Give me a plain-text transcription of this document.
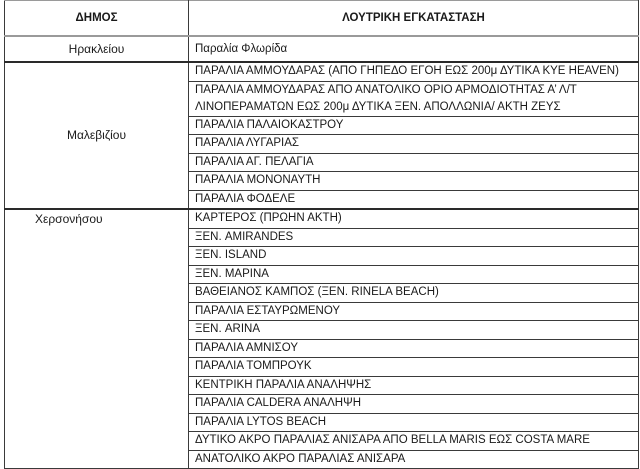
ΔΗΜΟΣ	ΛΟΥΤΡΙΚΗ ΕΓΚΑΤΑΣΤΑΣΗ
Ηρακλείου	Παραλία Φλωρίδα
Μαλεβιζίου	ΠΑΡΑΛΙΑ ΑΜΜΟΥΔΑΡΑΣ (ΑΠΟ ΓΗΠΕΔΟ ΕΓΟΗ ΕΩΣ 200μ ΔΥΤΙΚΑ ΚΥΕ HEAVEN)
	ΠΑΡΑΛΙΑ ΑΜΜΟΥΔΑΡΑΣ ΑΠΟ ΑΝΑΤΟΛΙΚΟ ΟΡΙΟ ΑΡΜΟΔΙΟΤΗΤΑΣ Α’ Λ/Τ ΛΙΝΟΠΕΡΑΜΑΤΩΝ ΕΩΣ 200μ ΔΥΤΙΚΑ ΞΕΝ. ΑΠΟΛΛΩΝΙΑ/ ΑΚΤΗ ΖΕΥΣ
	ΠΑΡΑΛΙΑ ΠΑΛΑΙΟΚΑΣΤΡΟΥ
	ΠΑΡΑΛΙΑ ΛΥΓΑΡΙΑΣ
	ΠΑΡΑΛΙΑ ΑΓ. ΠΕΛΑΓΙΑ
	ΠΑΡΑΛΙΑ ΜΟΝΟΝΑΥΤΗ
	ΠΑΡΑΛΙΑ ΦΟΔΕΛΕ
Χερσονήσου	ΚΑΡΤΕΡΟΣ (ΠΡΩΗΝ ΑΚΤΗ)
	ΞΕΝ. AMIRANDES
	ΞΕΝ. ISLAND
	ΞΕΝ. ΜΑΡΙΝΑ
	ΒΑΘΕΙΑΝΟΣ ΚΑΜΠΟΣ (ΞΕΝ. RINELA BEACH)
	ΠΑΡΑΛΙΑ ΕΣΤΑΥΡΩΜΕΝΟΥ
	ΞΕΝ. ARINA
	ΠΑΡΑΛΙΑ ΑΜΝΙΣΟΥ
	ΠΑΡΑΛΙΑ ΤΟΜΠΡΟΥΚ
	ΚΕΝΤΡΙΚΗ ΠΑΡΑΛΙΑ ΑΝΑΛΗΨΗΣ
	ΠΑΡΑΛΙΑ CALDERA ΑΝΑΛΗΨΗ
	ΠΑΡΑΛΙΑ LYTOS BEACH
	ΔΥΤΙΚΟ ΑΚΡΟ ΠΑΡΑΛΙΑΣ ΑΝΙΣΑΡΑ ΑΠΟ BELLA MARIS ΕΩΣ COSTA MARE
	ΑΝΑΤΟΛΙΚΟ ΑΚΡΟ ΠΑΡΑΛΙΑΣ ΑΝΙΣΑΡΑ
